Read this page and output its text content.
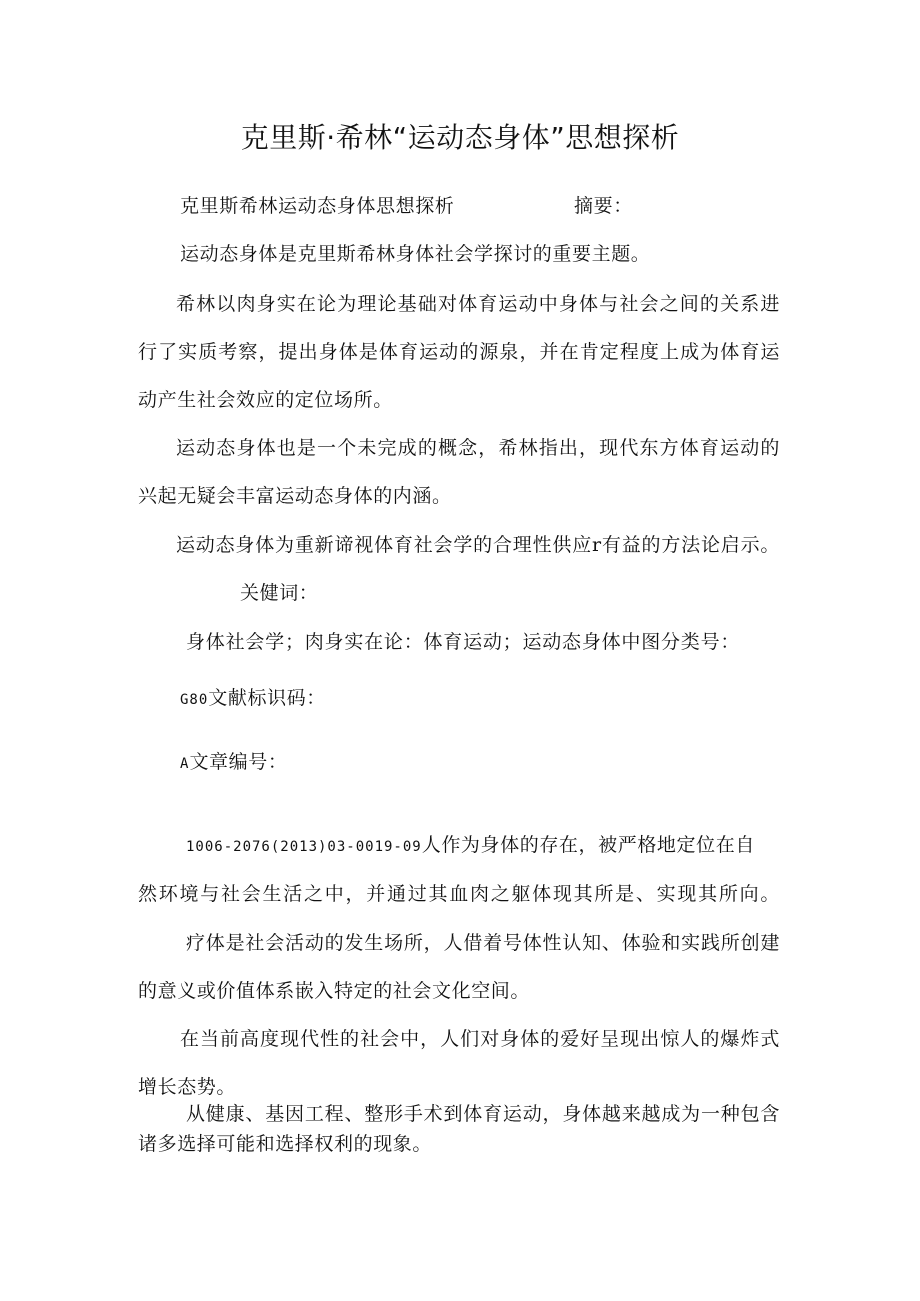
克里斯·希林“运动态身体”思想探析
克里斯希林运动态身体思想探析	摘要：
运动态身体是克里斯希林身体社会学探讨的重要主题。
希林以肉身实在论为理论基础对体育运动中身体与社会之间的关系进
行了实质考察，提出身体是体育运动的源泉，并在肯定程度上成为体育运
动产生社会效应的定位场所。
运动态身体也是一个未完成的概念，希林指出，现代东方体育运动的
兴起无疑会丰富运动态身体的内涵。
运动态身体为重新谛视体育社会学的合理性供应r有益的方法论启示。
关健词：
身体社会学；肉身实在论：体育运动；运动态身体中图分类号：
G80文献标识码：
A文章编号：
1006-2076(2013)03-0019-09人作为身体的存在，被严格地定位在自
然环境与社会生活之中，并通过其血肉之躯体现其所是、实现其所向。
疗体是社会活动的发生场所，人借着号体性认知、体验和实践所创建
的意义或价值体系嵌入特定的社会文化空间。
在当前高度现代性的社会中，人们对身体的爱好呈现出惊人的爆炸式
增长态势。
从健康、基因工程、整形手术到体育运动，身体越来越成为一种包含
诸多选择可能和选择权利的现象。
